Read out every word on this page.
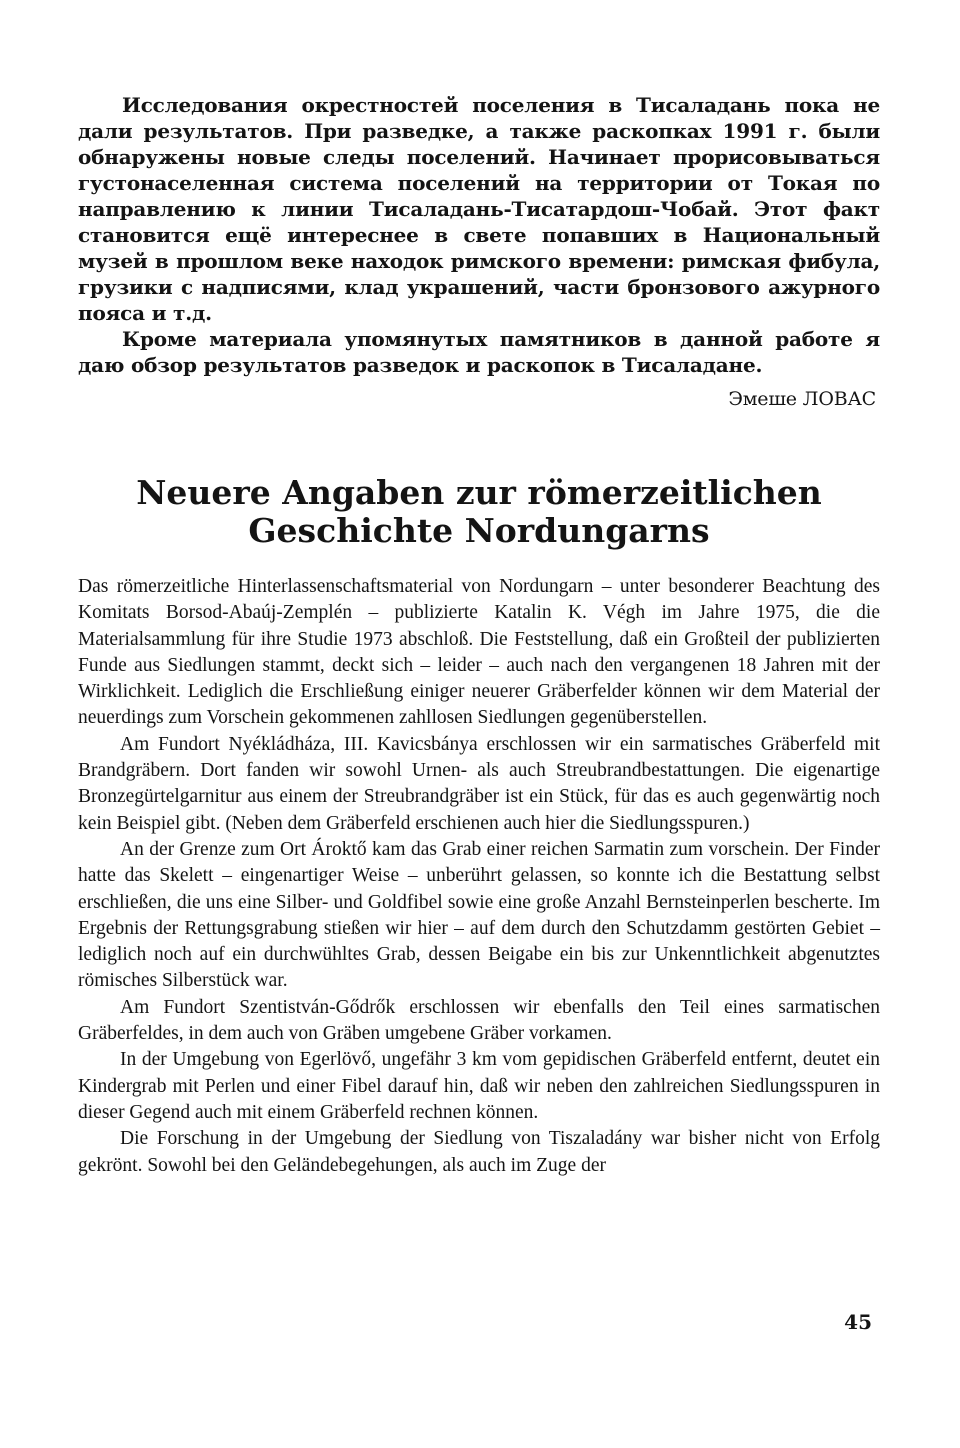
Исследования окрестностей поселения в Тисаладань пока не дали результатов. При разведке, а также раскопках 1991 г. были обнаружены новые следы поселений. Начинает прорисовываться густонаселенная система поселений на территории от Токая по направлению к линии Тисаладань-Тисатардош-Чобай. Этот факт становится ещё интереснее в свете попавших в Национальный музей в прошлом веке находок римского времени: римская фибула, грузики с надписями, клад украшений, части бронзового ажурного пояса и т.д.

Кроме материала упомянутых памятников в данной работе я даю обзор результатов разведок и раскопок в Тисаладане.

Эмеше ЛОВАС
Neuere Angaben zur römerzeitlichen
Geschichte Nordungarns

Das römerzeitliche Hinterlassenschaftsmaterial von Nordungarn – unter besonderer Beachtung des Komitats Borsod-Abaúj-Zemplén – publizierte Katalin K. Végh im Jahre 1975, die die Materialsammlung für ihre Studie 1973 abschloß. Die Feststellung, daß ein Großteil der publizierten Funde aus Siedlungen stammt, deckt sich – leider – auch nach den vergangenen 18 Jahren mit der Wirklichkeit. Lediglich die Erschließung einiger neuerer Gräberfelder können wir dem Material der neuerdings zum Vorschein gekommenen zahllosen Siedlungen gegenüberstellen.

Am Fundort Nyékládháza, III. Kavicsbánya erschlossen wir ein sarmatisches Gräberfeld mit Brandgräbern. Dort fanden wir sowohl Urnen- als auch Streubrandbestattungen. Die eigenartige Bronzegürtelgarnitur aus einem der Streubrandgräber ist ein Stück, für das es auch gegenwärtig noch kein Beispiel gibt. (Neben dem Gräberfeld erschienen auch hier die Siedlungsspuren.)

An der Grenze zum Ort Ároktő kam das Grab einer reichen Sarmatin zum vorschein. Der Finder hatte das Skelett – eingenartiger Weise – unberührt gelassen, so konnte ich die Bestattung selbst erschließen, die uns eine Silber- und Goldfibel sowie eine große Anzahl Bernsteinperlen bescherte. Im Ergebnis der Rettungsgrabung stießen wir hier – auf dem durch den Schutzdamm gestörten Gebiet – lediglich noch auf ein durchwühltes Grab, dessen Beigabe ein bis zur Unkenntlichkeit abgenutztes römisches Silberstück war.

Am Fundort Szentistván-Gődrők erschlossen wir ebenfalls den Teil eines sarmatischen Gräberfeldes, in dem auch von Gräben umgebene Gräber vorkamen.

In der Umgebung von Egerlövő, ungefähr 3 km vom gepidischen Gräberfeld entfernt, deutet ein Kindergrab mit Perlen und einer Fibel darauf hin, daß wir neben den zahlreichen Siedlungsspuren in dieser Gegend auch mit einem Gräberfeld rechnen können.

Die Forschung in der Umgebung der Siedlung von Tiszaladány war bisher nicht von Erfolg gekrönt. Sowohl bei den Geländebegehungen, als auch im Zuge der

45
